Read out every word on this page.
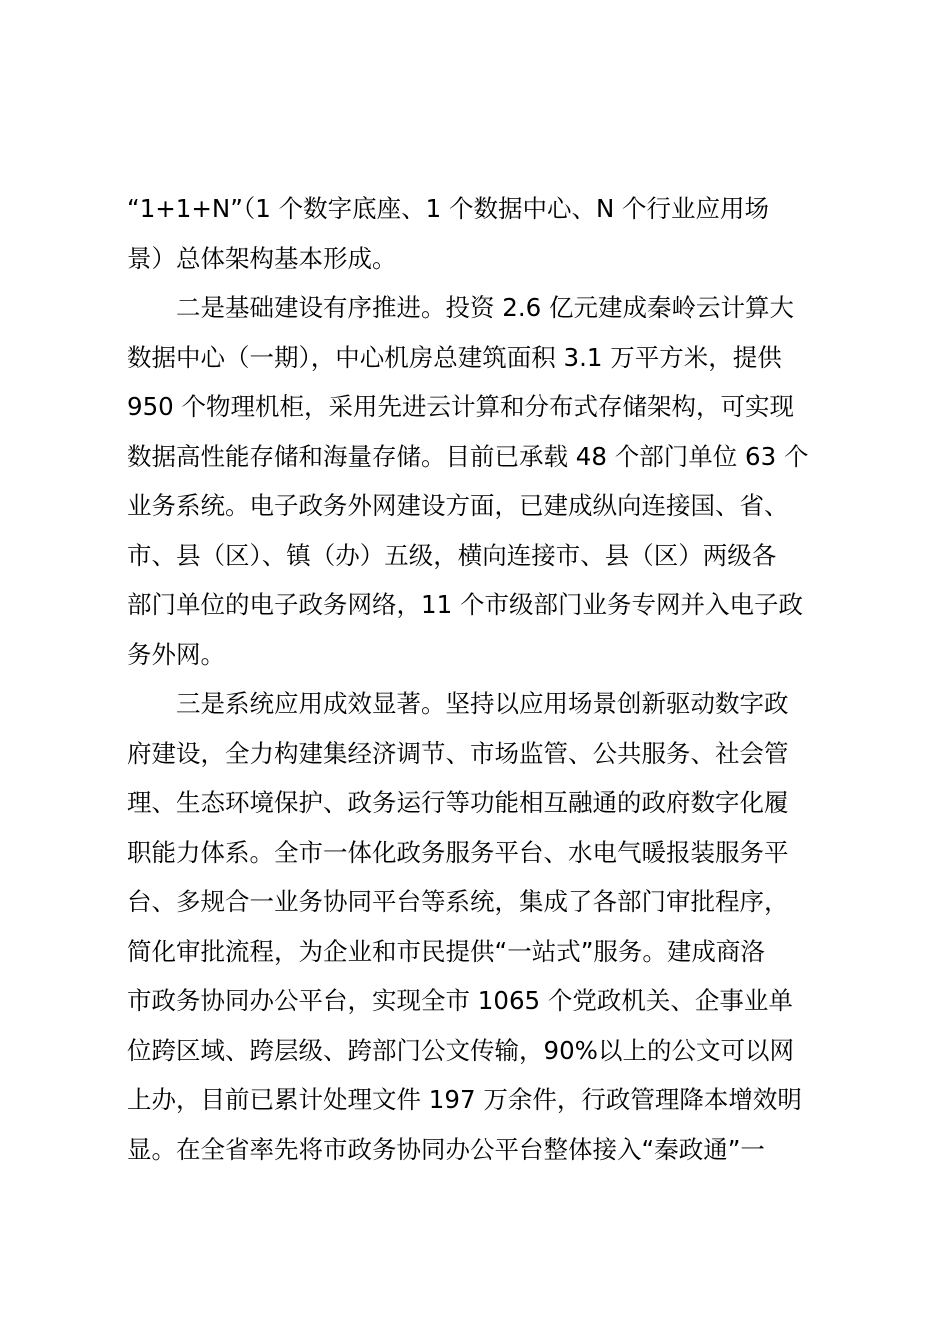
“1+1+N”（1 个数字底座、1 个数据中心、N 个行业应用场
景）总体架构基本形成。
二是基础建设有序推进。投资 2.6 亿元建成秦岭云计算大
数据中心（一期），中心机房总建筑面积 3.1 万平方米，提供
950 个物理机柜，采用先进云计算和分布式存储架构，可实现
数据高性能存储和海量存储。目前已承载 48 个部门单位 63 个
业务系统。电子政务外网建设方面，已建成纵向连接国、省、
市、县（区）、镇（办）五级，横向连接市、县（区）两级各
部门单位的电子政务网络，11 个市级部门业务专网并入电子政
务外网。
三是系统应用成效显著。坚持以应用场景创新驱动数字政
府建设，全力构建集经济调节、市场监管、公共服务、社会管
理、生态环境保护、政务运行等功能相互融通的政府数字化履
职能力体系。全市一体化政务服务平台、水电气暖报装服务平
台、多规合一业务协同平台等系统，集成了各部门审批程序，
简化审批流程，为企业和市民提供“一站式”服务。建成商洛
市政务协同办公平台，实现全市 1065 个党政机关、企事业单
位跨区域、跨层级、跨部门公文传输，90%以上的公文可以网
上办，目前已累计处理文件 197 万余件，行政管理降本增效明
显。在全省率先将市政务协同办公平台整体接入“秦政通”一
